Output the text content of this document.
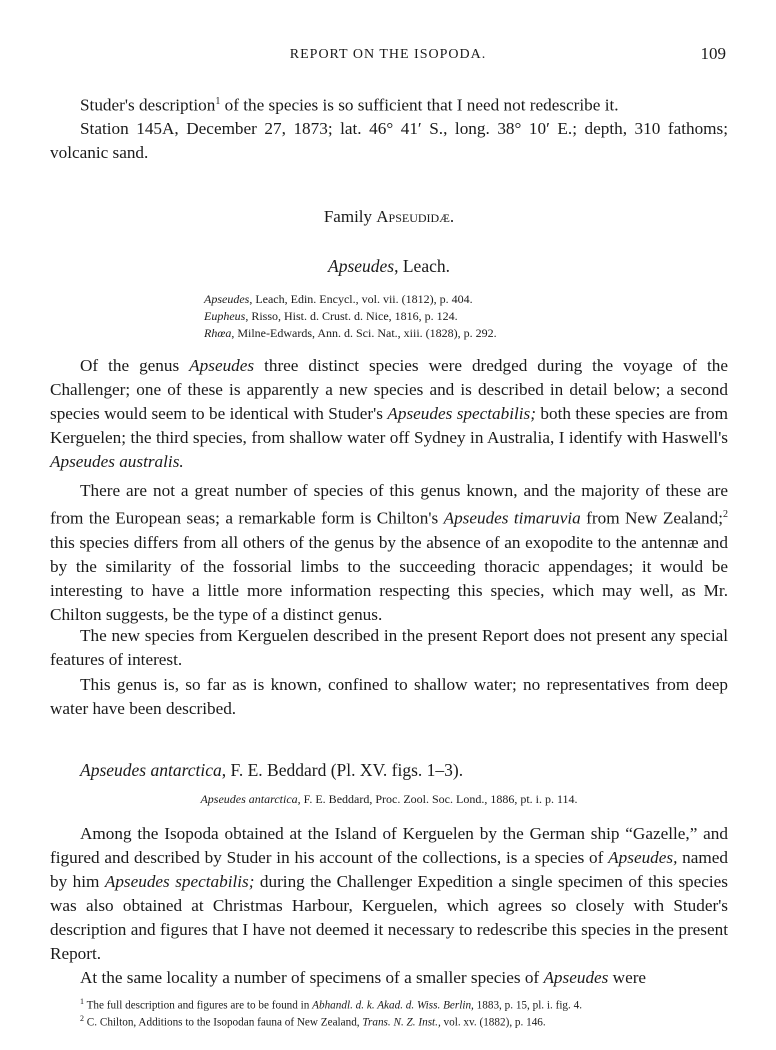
REPORT ON THE ISOPODA.	109
Studer's description$^1$ of the species is so sufficient that I need not redescribe it.
Station 145A, December 27, 1873; lat. 46° 41′ S., long. 38° 10′ E.; depth, 310 fathoms; volcanic sand.
Family Apseudidæ.
Apseudes, Leach.
Apseudes, Leach, Edin. Encycl., vol. vii. (1812), p. 404.
Eupheus, Risso, Hist. d. Crust. d. Nice, 1816, p. 124.
Rhœa, Milne-Edwards, Ann. d. Sci. Nat., xiii. (1828), p. 292.
Of the genus Apseudes three distinct species were dredged during the voyage of the Challenger; one of these is apparently a new species and is described in detail below; a second species would seem to be identical with Studer's Apseudes spectabilis; both these species are from Kerguelen; the third species, from shallow water off Sydney in Australia, I identify with Haswell's Apseudes australis.
There are not a great number of species of this genus known, and the majority of these are from the European seas; a remarkable form is Chilton's Apseudes timaruvia from New Zealand;$^2$ this species differs from all others of the genus by the absence of an exopodite to the antennæ and by the similarity of the fossorial limbs to the succeeding thoracic appendages; it would be interesting to have a little more information respecting this species, which may well, as Mr. Chilton suggests, be the type of a distinct genus.
The new species from Kerguelen described in the present Report does not present any special features of interest.
This genus is, so far as is known, confined to shallow water; no representatives from deep water have been described.
Apseudes antarctica, F. E. Beddard (Pl. XV. figs. 1–3).
Apseudes antarctica, F. E. Beddard, Proc. Zool. Soc. Lond., 1886, pt. i. p. 114.
Among the Isopoda obtained at the Island of Kerguelen by the German ship “Gazelle,” and figured and described by Studer in his account of the collections, is a species of Apseudes, named by him Apseudes spectabilis; during the Challenger Expedition a single specimen of this species was also obtained at Christmas Harbour, Kerguelen, which agrees so closely with Studer's description and figures that I have not deemed it necessary to redescribe this species in the present Report.
At the same locality a number of specimens of a smaller species of Apseudes were
$^1$ The full description and figures are to be found in Abhandl. d. k. Akad. d. Wiss. Berlin, 1883, p. 15, pl. i. fig. 4.
$^2$ C. Chilton, Additions to the Isopodan fauna of New Zealand, Trans. N. Z. Inst., vol. xv. (1882), p. 146.
